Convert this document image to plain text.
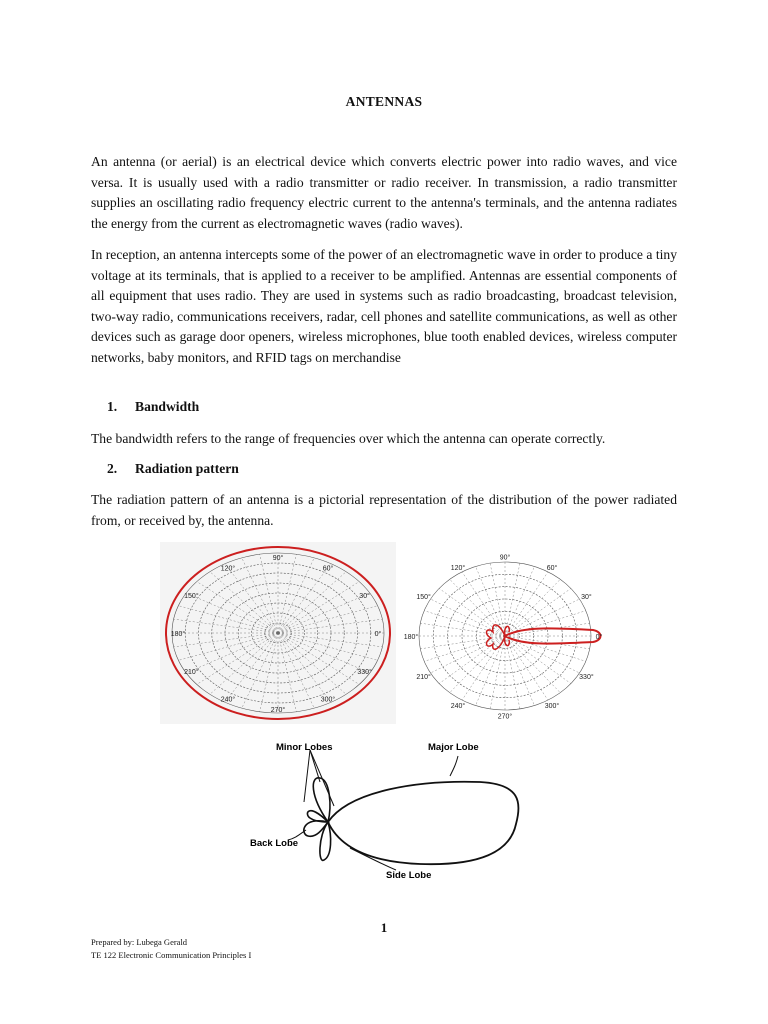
ANTENNAS

An antenna (or aerial) is an electrical device which converts electric power into radio waves, and vice versa. It is usually used with a radio transmitter or radio receiver. In transmission, a radio transmitter supplies an oscillating radio frequency electric current to the antenna's terminals, and the antenna radiates the energy from the current as electromagnetic waves (radio waves).

In reception, an antenna intercepts some of the power of an electromagnetic wave in order to produce a tiny voltage at its terminals, that is applied to a receiver to be amplified. Antennas are essential components of all equipment that uses radio. They are used in systems such as radio broadcasting, broadcast television, two-way radio, communications receivers, radar, cell phones and satellite communications, as well as other devices such as garage door openers, wireless microphones, blue tooth enabled devices, wireless computer networks, baby monitors, and RFID tags on merchandise

1. Bandwidth

The bandwidth refers to the range of frequencies over which the antenna can operate correctly.

2. Radiation pattern

The radiation pattern of an antenna is a pictorial representation of the distribution of the power radiated from, or received by, the antenna.

90°
60°
30°
0°
330°
300°
270°
240°
210°
180°
150°
120°
90°
60°
30°
0°
330°
300°
270°
240°
210°
180°
150°
120°
Minor Lobes	Major Lobe
Back Lobe
Side Lobe
1
Prepared by: Lubega Gerald
TE 122 Electronic Communication Principles I
